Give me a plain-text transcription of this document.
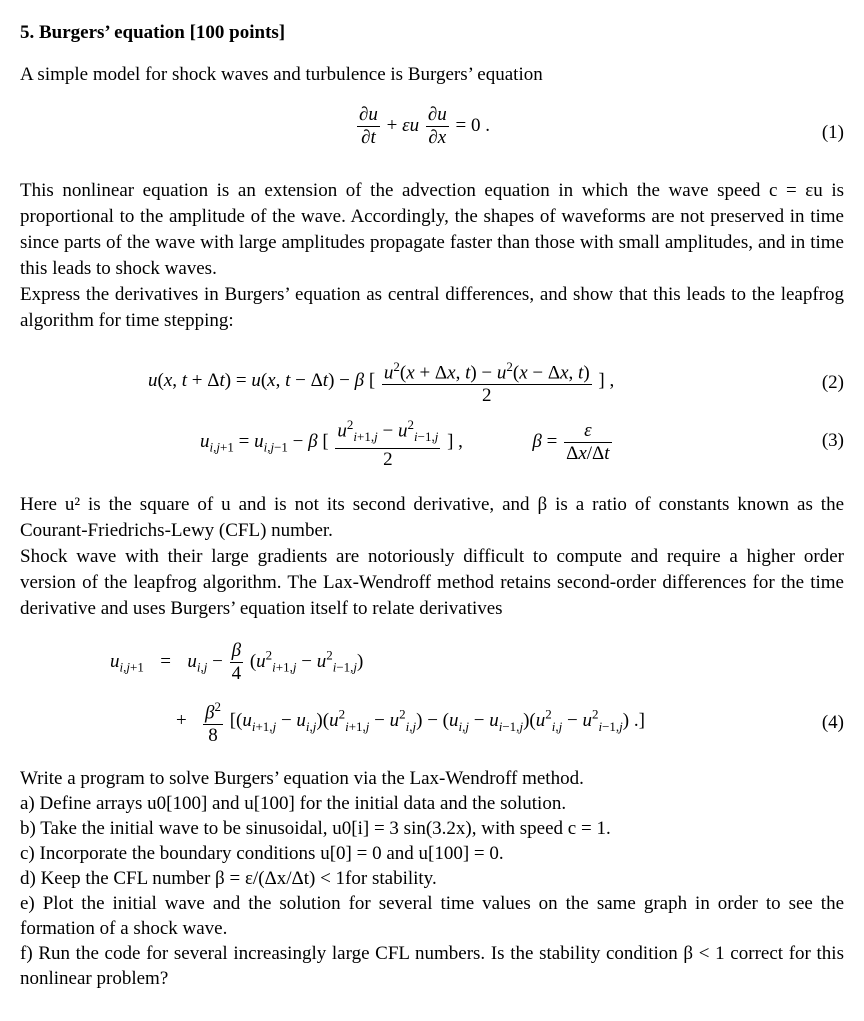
5. Burgers’ equation [100 points]
A simple model for shock waves and turbulence is Burgers’ equation
$\frac{\partial u}{\partial t} + \varepsilon u \frac{\partial u}{\partial x} = 0$ .	(1)
This nonlinear equation is an extension of the advection equation in which the wave speed c = εu is proportional to the amplitude of the wave. Accordingly, the shapes of waveforms are not preserved in time since parts of the wave with large amplitudes propagate faster than those with small amplitudes, and in time this leads to shock waves.
Express the derivatives in Burgers’ equation as central differences, and show that this leads to the leapfrog algorithm for time stepping:
u(x, t + Δt) = u(x, t − Δt) − β [ $\frac{u^2(x + \Delta x, t) - u^2(x - \Delta x, t)}{2}$ ] ,	(2)
$u_{i,j+1} = u_{i,j-1} - \beta$ [ $\frac{u^2_{i+1,j} - u^2_{i-1,j}}{2}$ ] ,	$\beta = \frac{\varepsilon}{\Delta x/\Delta t}$	(3)
Here u² is the square of u and is not its second derivative, and β is a ratio of constants known as the Courant-Friedrichs-Lewy (CFL) number.
Shock wave with their large gradients are notoriously difficult to compute and require a higher order version of the leapfrog algorithm. The Lax-Wendroff method retains second-order differences for the time derivative and uses Burgers’ equation itself to relate derivatives
$u_{i,j+1} = u_{i,j} - \frac{\beta}{4} (u^2_{i+1,j} - u^2_{i-1,j})$
+ $\frac{\beta^2}{8} [(u_{i+1,j} - u_{i,j})(u^2_{i+1,j} - u^2_{i,j}) - (u_{i,j} - u_{i-1,j})(u^2_{i,j} - u^2_{i-1,j})$ .]	(4)
Write a program to solve Burgers’ equation via the Lax-Wendroff method.
a) Define arrays u0[100] and u[100] for the initial data and the solution.
b) Take the initial wave to be sinusoidal, u0[i] = 3 sin(3.2x), with speed c = 1.
c) Incorporate the boundary conditions u[0] = 0 and u[100] = 0.
d) Keep the CFL number β = ε/(Δx/Δt) < 1for stability.
e) Plot the initial wave and the solution for several time values on the same graph in order to see the formation of a shock wave.
f) Run the code for several increasingly large CFL numbers. Is the stability condition β < 1 correct for this nonlinear problem?
